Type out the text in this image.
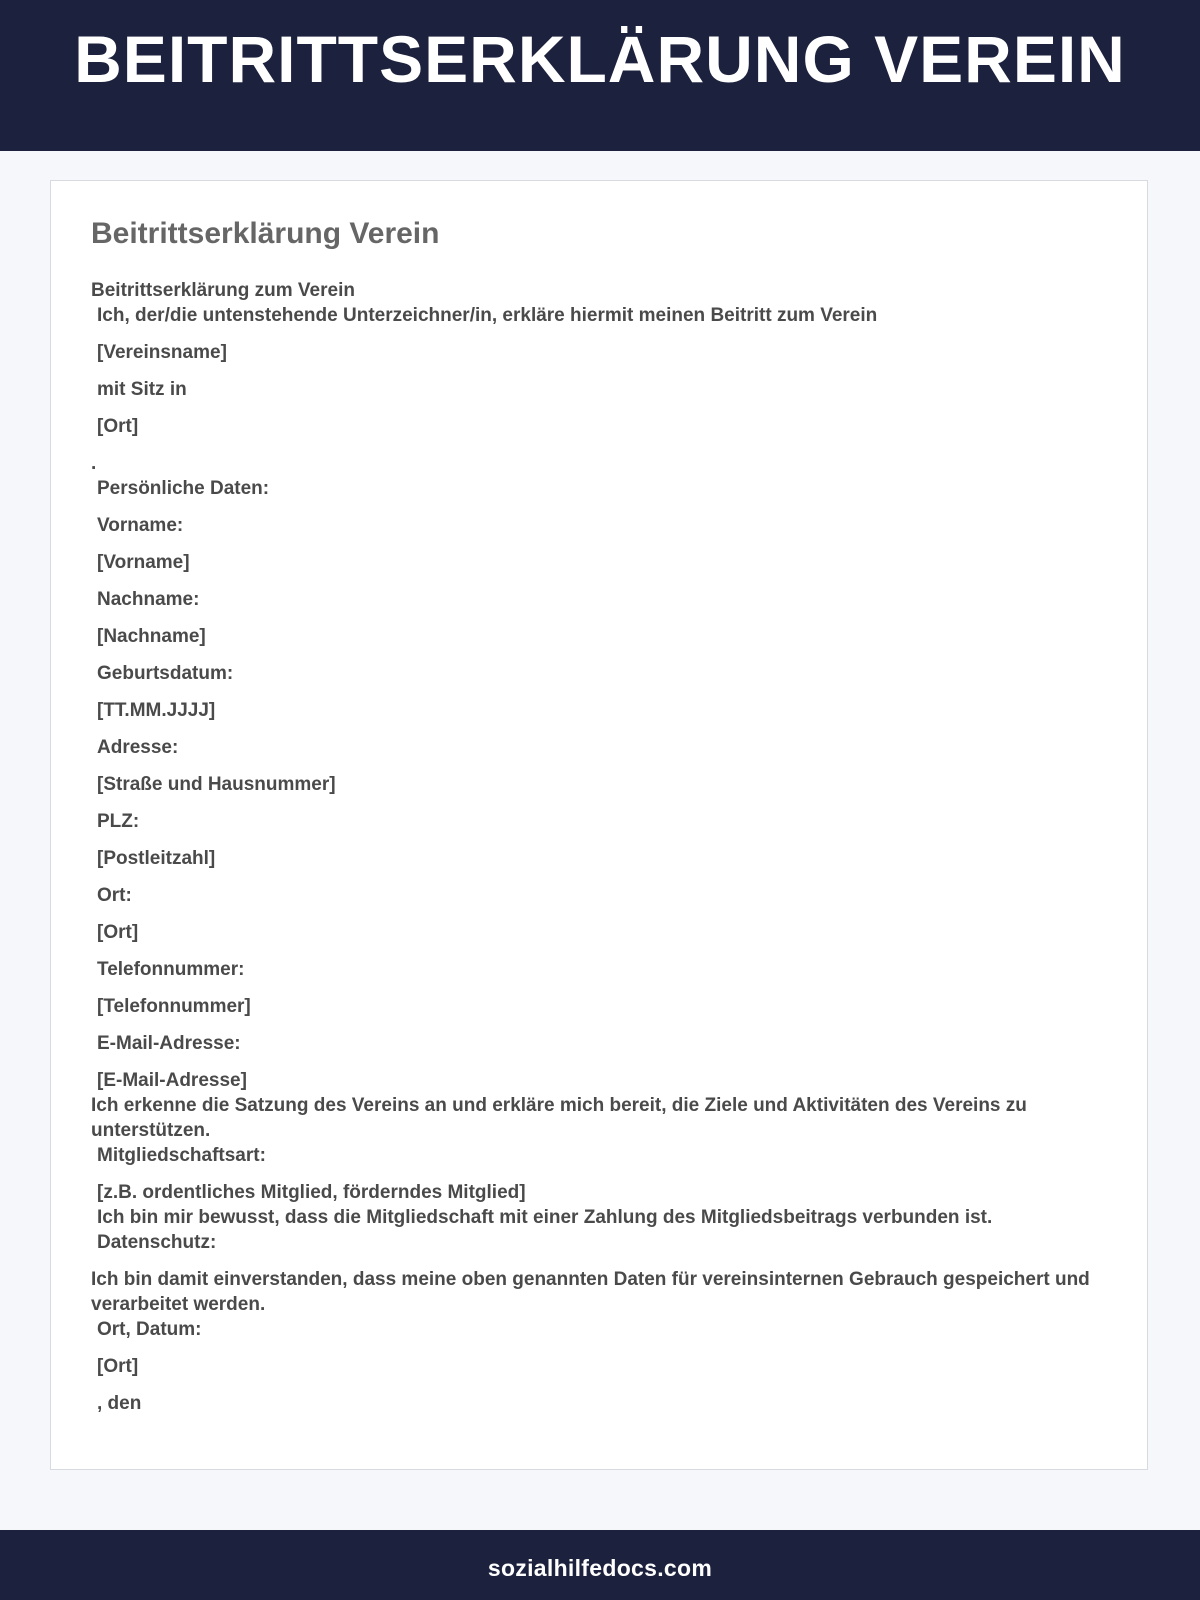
BEITRITTSERKLÄRUNG VEREIN
Beitrittserklärung Verein
Beitrittserklärung zum Verein
Ich, der/die untenstehende Unterzeichner/in, erkläre hiermit meinen Beitritt zum Verein
[Vereinsname]
mit Sitz in
[Ort]
.
Persönliche Daten:
Vorname:
[Vorname]
Nachname:
[Nachname]
Geburtsdatum:
[TT.MM.JJJJ]
Adresse:
[Straße und Hausnummer]
PLZ:
[Postleitzahl]
Ort:
[Ort]
Telefonnummer:
[Telefonnummer]
E-Mail-Adresse:
[E-Mail-Adresse]
Ich erkenne die Satzung des Vereins an und erkläre mich bereit, die Ziele und Aktivitäten des Vereins zu unterstützen.
Mitgliedschaftsart:
[z.B. ordentliches Mitglied, förderndes Mitglied]
Ich bin mir bewusst, dass die Mitgliedschaft mit einer Zahlung des Mitgliedsbeitrags verbunden ist.
Datenschutz:
Ich bin damit einverstanden, dass meine oben genannten Daten für vereinsinternen Gebrauch gespeichert und verarbeitet werden.
Ort, Datum:
[Ort]
, den
sozialhilfedocs.com
